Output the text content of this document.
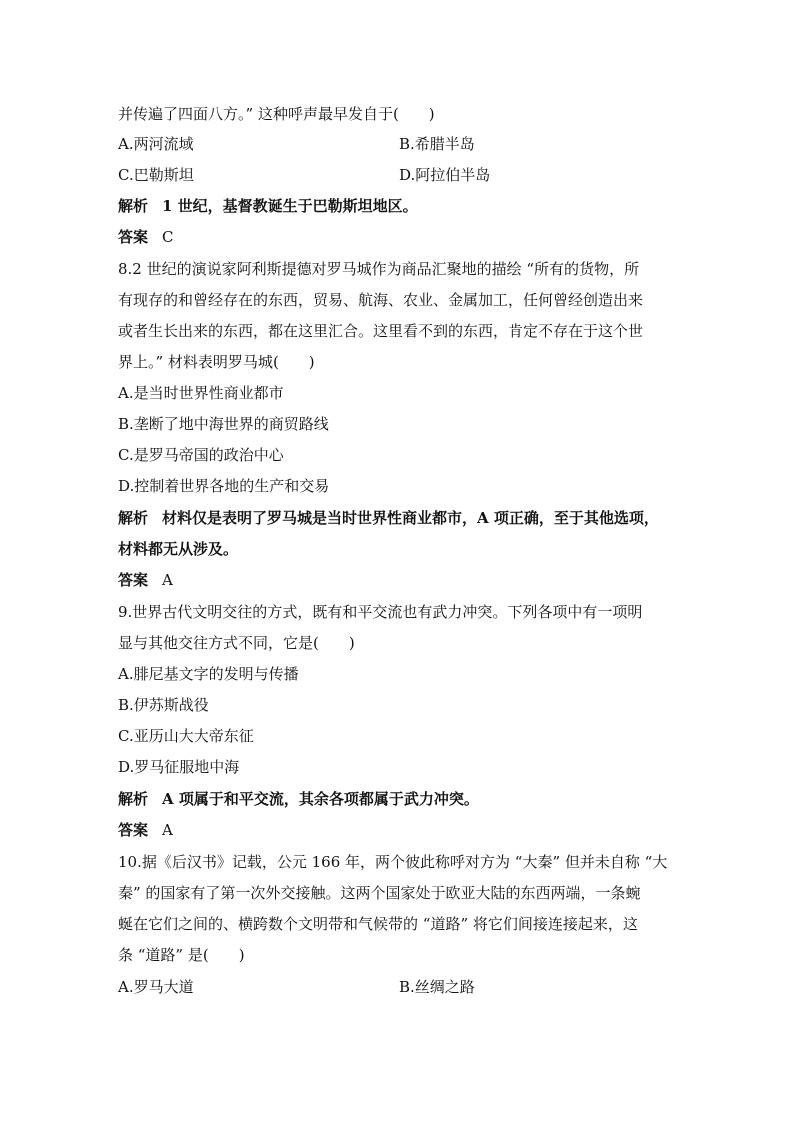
并传遍了四面八方。” 这种呼声最早发自于(　　)
A.两河流域	B.希腊半岛
C.巴勒斯坦	D.阿拉伯半岛
解析 1 世纪，基督教诞生于巴勒斯坦地区。
答案 C
8.2 世纪的演说家阿利斯提德对罗马城作为商品汇聚地的描绘 “所有的货物，所
有现存的和曾经存在的东西，贸易、航海、农业、金属加工，任何曾经创造出来
或者生长出来的东西，都在这里汇合。这里看不到的东西，肯定不存在于这个世
界上。” 材料表明罗马城(　　)
A.是当时世界性商业都市
B.垄断了地中海世界的商贸路线
C.是罗马帝国的政治中心
D.控制着世界各地的生产和交易
解析 材料仅是表明了罗马城是当时世界性商业都市，A 项正确，至于其他选项，
材料都无从涉及。
答案 A
9.世界古代文明交往的方式，既有和平交流也有武力冲突。下列各项中有一项明
显与其他交往方式不同，它是(　　)
A.腓尼基文字的发明与传播
B.伊苏斯战役
C.亚历山大大帝东征
D.罗马征服地中海
解析 A 项属于和平交流，其余各项都属于武力冲突。
答案 A
10.据《后汉书》记载，公元 166 年，两个彼此称呼对方为 “大秦” 但并未自称 “大
秦” 的国家有了第一次外交接触。这两个国家处于欧亚大陆的东西两端，一条蜿
蜒在它们之间的、横跨数个文明带和气候带的 “道路” 将它们间接连接起来，这
条 “道路” 是(　　)
A.罗马大道	B.丝绸之路
